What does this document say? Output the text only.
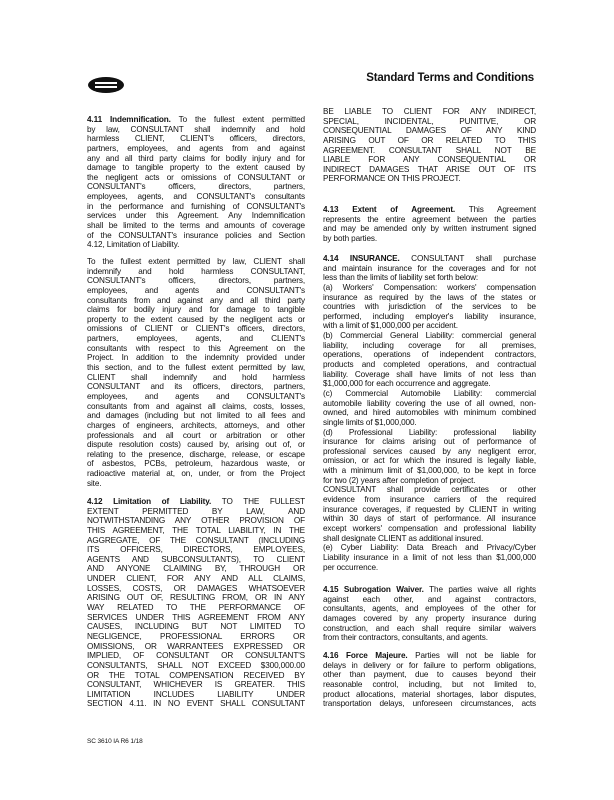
Standard Terms and Conditions
4.11 Indemnification. To the fullest extent permitted
by law, CONSULTANT shall indemnify and hold
harmless CLIENT, CLIENT's officers, directors,
partners, employees, and agents from and against
any and all third party claims for bodily injury and for
damage to tangible property to the extent caused by
the negligent acts or omissions of CONSULTANT or
CONSULTANT's officers, directors, partners,
employees, agents, and CONSULTANT's consultants
in the performance and furnishing of CONSULTANT's
services under this Agreement. Any Indemnification
shall be limited to the terms and amounts of coverage
of the CONSULTANT's insurance policies and Section
4.12, Limitation of Liability.
To the fullest extent permitted by law, CLIENT shall
indemnify and hold harmless CONSULTANT,
CONSULTANT's officers, directors, partners,
employees, and agents and CONSULTANT's
consultants from and against any and all third party
claims for bodily injury and for damage to tangible
property to the extent caused by the negligent acts or
omissions of CLIENT or CLIENT's officers, directors,
partners, employees, agents, and CLIENT's
consultants with respect to this Agreement on the
Project. In addition to the indemnity provided under
this section, and to the fullest extent permitted by law,
CLIENT shall indemnify and hold harmless
CONSULTANT and its officers, directors, partners,
employees, and agents and CONSULTANT's
consultants from and against all claims, costs, losses,
and damages (including but not limited to all fees and
charges of engineers, architects, attorneys, and other
professionals and all court or arbitration or other
dispute resolution costs) caused by, arising out of, or
relating to the presence, discharge, release, or escape
of asbestos, PCBs, petroleum, hazardous waste, or
radioactive material at, on, under, or from the Project
site.
4.12 Limitation of Liability. TO THE FULLEST
EXTENT PERMITTED BY LAW, AND
NOTWITHSTANDING ANY OTHER PROVISION OF
THIS AGREEMENT, THE TOTAL LIABILITY, IN THE
AGGREGATE, OF THE CONSULTANT (INCLUDING
ITS OFFICERS, DIRECTORS, EMPLOYEES,
AGENTS AND SUBCONSULTANTS), TO CLIENT
AND ANYONE CLAIMING BY, THROUGH OR
UNDER CLIENT, FOR ANY AND ALL CLAIMS,
LOSSES, COSTS, OR DAMAGES WHATSOEVER
ARISING OUT OF, RESULTING FROM, OR IN ANY
WAY RELATED TO THE PERFORMANCE OF
SERVICES UNDER THIS AGREEMENT FROM ANY
CAUSES, INCLUDING BUT NOT LIMITED TO
NEGLIGENCE, PROFESSIONAL ERRORS OR
OMISSIONS, OR WARRANTEES EXPRESSED OR
IMPLIED, OF CONSULTANT OR CONSULTANT'S
CONSULTANTS, SHALL NOT EXCEED $300,000.00
OR THE TOTAL COMPENSATION RECEIVED BY
CONSULTANT, WHICHEVER IS GREATER. THIS
LIMITATION INCLUDES LIABILITY UNDER
SECTION 4.11. IN NO EVENT SHALL CONSULTANT
BE LIABLE TO CLIENT FOR ANY INDIRECT,
SPECIAL, INCIDENTAL, PUNITIVE, OR
CONSEQUENTIAL DAMAGES OF ANY KIND
ARISING OUT OF OR RELATED TO THIS
AGREEMENT. CONSULTANT SHALL NOT BE
LIABLE FOR ANY CONSEQUENTIAL OR
INDIRECT DAMAGES THAT ARISE OUT OF ITS
PERFORMANCE ON THIS PROJECT.
4.13 Extent of Agreement. This Agreement
represents the entire agreement between the parties
and may be amended only by written instrument signed
by both parties.
4.14 INSURANCE. CONSULTANT shall purchase
and maintain insurance for the coverages and for not
less than the limits of liability set forth below:
(a) Workers' Compensation: workers' compensation
insurance as required by the laws of the states or
countries with jurisdiction of the services to be
performed, including employer's liability insurance,
with a limit of $1,000,000 per accident.
(b) Commercial General Liability: commercial general
liability, including coverage for all premises,
operations, operations of independent contractors,
products and completed operations, and contractual
liability. Coverage shall have limits of not less than
$1,000,000 for each occurrence and aggregate.
(c) Commercial Automobile Liability: commercial
automobile liability covering the use of all owned, non-
owned, and hired automobiles with minimum combined
single limits of $1,000,000.
(d) Professional Liability: professional liability
insurance for claims arising out of performance of
professional services caused by any negligent error,
omission, or act for which the insured is legally liable,
with a minimum limit of $1,000,000, to be kept in force
for two (2) years after completion of project.
CONSULTANT shall provide certificates or other
evidence from insurance carriers of the required
insurance coverages, if requested by CLIENT in writing
within 30 days of start of performance. All insurance
except workers' compensation and professional liability
shall designate CLIENT as additional insured.
(e) Cyber Liability: Data Breach and Privacy/Cyber
Liability insurance in a limit of not less than $1,000,000
per occurrence.
4.15 Subrogation Waiver. The parties waive all rights
against each other, and against contractors,
consultants, agents, and employees of the other for
damages covered by any property insurance during
construction, and each shall require similar waivers
from their contractors, consultants, and agents.
4.16 Force Majeure. Parties will not be liable for
delays in delivery or for failure to perform obligations,
other than payment, due to causes beyond their
reasonable control, including, but not limited to,
product allocations, material shortages, labor disputes,
transportation delays, unforeseen circumstances, acts
SC 3610 IA R6 1/18
